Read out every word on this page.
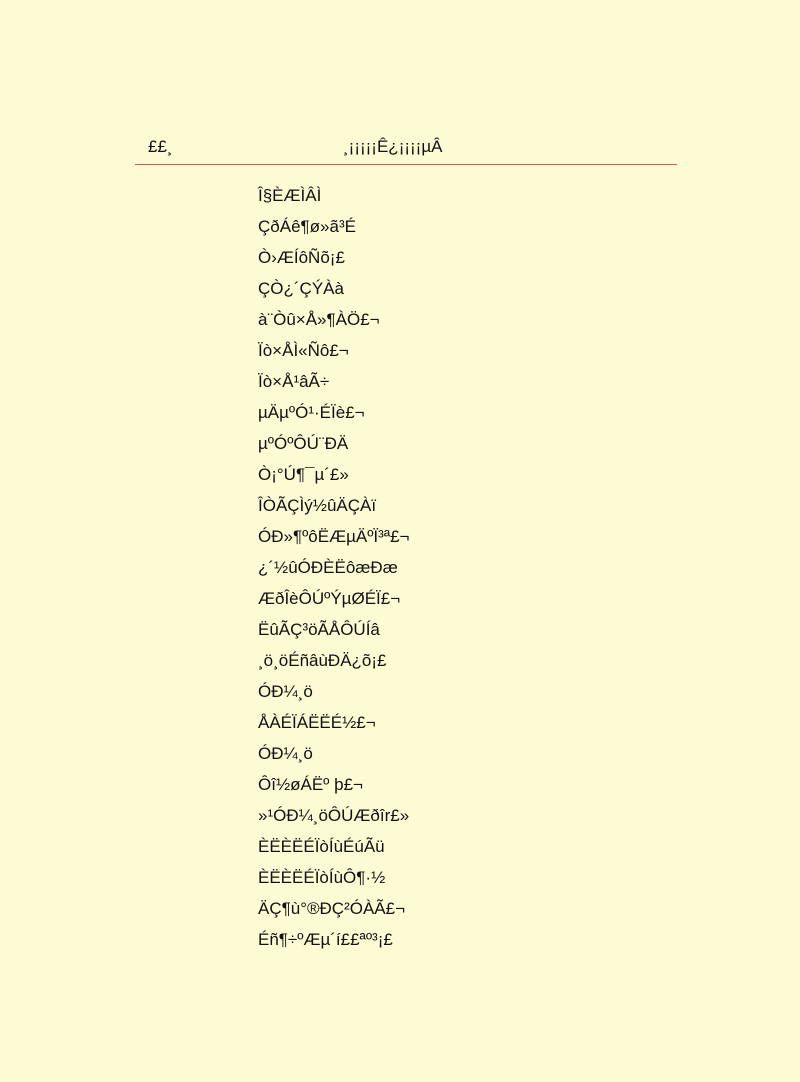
££¸	¸¡¡¡¡¡Ê¿¡¡¡¡µÂ
Î§ÈÆÌÂÌ
ÇðÁê¶ø»ã³É
Ò›ÆÍôÑõ¡£
ÇÒ¿´ÇÝÀà
à¨Òû×Å»¶ÀÖ£¬
Ïò×ÅÌ«Ñô£¬
Ïò×Å¹âÃ÷
µÄµºÓ¹·ÉÏè£¬
µºÓºÔÚ¨ÐÄ
Ò¡°Ú¶¯µ´£»
ÎÒÃÇÌý½ûÄÇÀï
ÓÐ»¶ºôËÆµÄºÏ³ª£¬
¿´½ûÓÐÈËôæÐæ
ÆðÎèÔÚºÝµØÉÏ£¬
ËûÃÇ³öÃÅÔÚÍâ
¸ö¸öÉñâùÐÄ¿õ¡£
ÓÐ¼¸ö
ÅÀÉÏÁËËÉ½£¬
ÓÐ¼¸ö
Ôî½øÁËº þ£¬
»¹ÓÐ¼¸öÔÚÆðîr£»
ÈËÈËÉÏòÍùÉúÃü
ÈËÈËÉÏòÍùÔ¶·½
ÄÇ¶ù°®ÐÇ²ÓÀÃ£¬
Éñ¶÷ºÆµ´í££ªº³¡£
